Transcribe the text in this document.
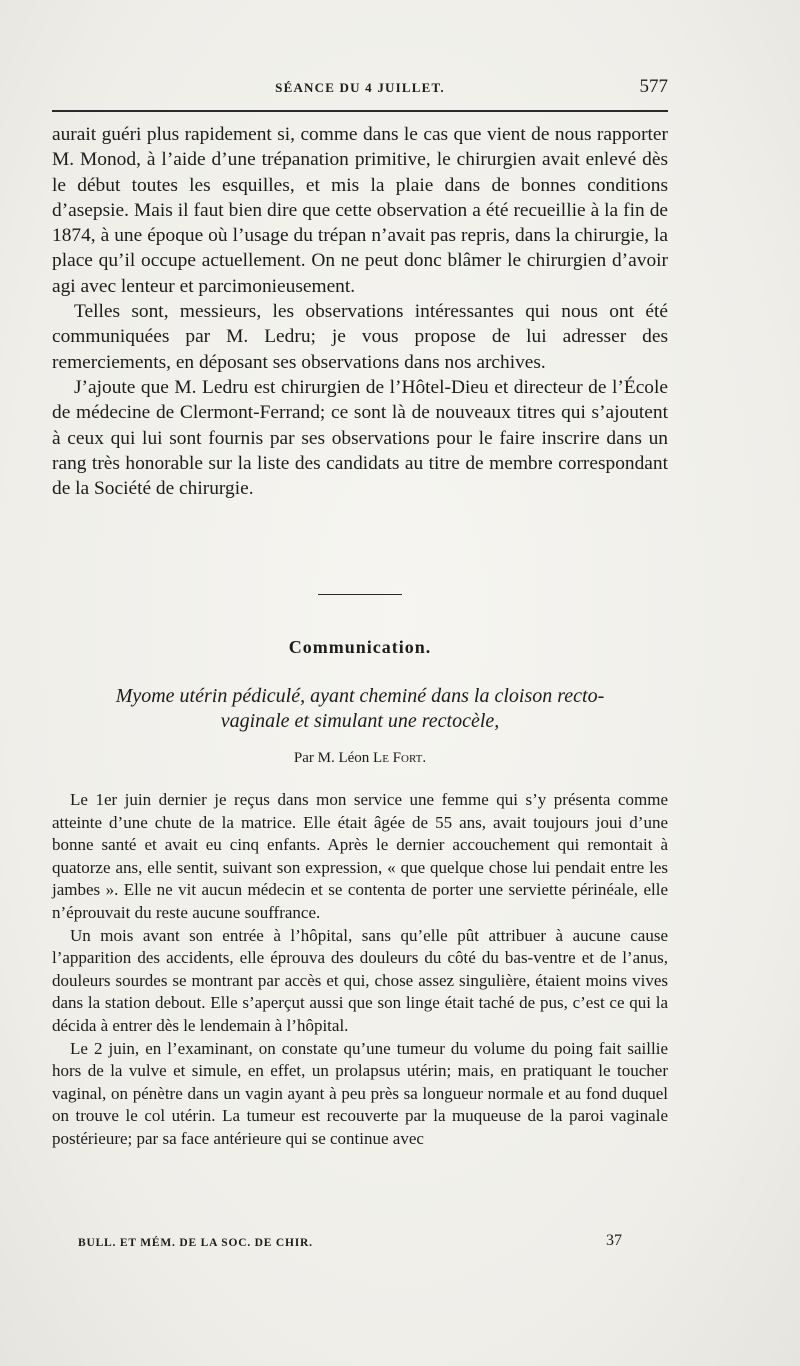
SÉANCE DU 4 JUILLET.	577

aurait guéri plus rapidement si, comme dans le cas que vient de nous rapporter M. Monod, à l’aide d’une trépanation primitive, le chirurgien avait enlevé dès le début toutes les esquilles, et mis la plaie dans de bonnes conditions d’asepsie. Mais il faut bien dire que cette observation a été recueillie à la fin de 1874, à une époque où l’usage du trépan n’avait pas repris, dans la chirurgie, la place qu’il occupe actuellement. On ne peut donc blâmer le chirurgien d’avoir agi avec lenteur et parcimonieusement.

Telles sont, messieurs, les observations intéressantes qui nous ont été communiquées par M. Ledru; je vous propose de lui adresser des remerciements, en déposant ses observations dans nos archives.

J’ajoute que M. Ledru est chirurgien de l’Hôtel-Dieu et directeur de l’École de médecine de Clermont-Ferrand; ce sont là de nouveaux titres qui s’ajoutent à ceux qui lui sont fournis par ses observations pour le faire inscrire dans un rang très honorable sur la liste des candidats au titre de membre correspondant de la Société de chirurgie.

Communication.
Myome utérin pédiculé, ayant cheminé dans la cloison recto-
vaginale et simulant une rectocèle,
Par M. Léon Le Fort.

Le 1er juin dernier je reçus dans mon service une femme qui s’y présenta comme atteinte d’une chute de la matrice. Elle était âgée de 55 ans, avait toujours joui d’une bonne santé et avait eu cinq enfants. Après le dernier accouchement qui remontait à quatorze ans, elle sentit, suivant son expression, « que quelque chose lui pendait entre les jambes ». Elle ne vit aucun médecin et se contenta de porter une serviette périnéale, elle n’éprouvait du reste aucune souffrance.

Un mois avant son entrée à l’hôpital, sans qu’elle pût attribuer à aucune cause l’apparition des accidents, elle éprouva des douleurs du côté du bas-ventre et de l’anus, douleurs sourdes se montrant par accès et qui, chose assez singulière, étaient moins vives dans la station debout. Elle s’aperçut aussi que son linge était taché de pus, c’est ce qui la décida à entrer dès le lendemain à l’hôpital.

Le 2 juin, en l’examinant, on constate qu’une tumeur du volume du poing fait saillie hors de la vulve et simule, en effet, un prolapsus utérin; mais, en pratiquant le toucher vaginal, on pénètre dans un vagin ayant à peu près sa longueur normale et au fond duquel on trouve le col utérin. La tumeur est recouverte par la muqueuse de la paroi vaginale postérieure; par sa face antérieure qui se continue avec

BULL. ET MÉM. DE LA SOC. DE CHIR.	37
